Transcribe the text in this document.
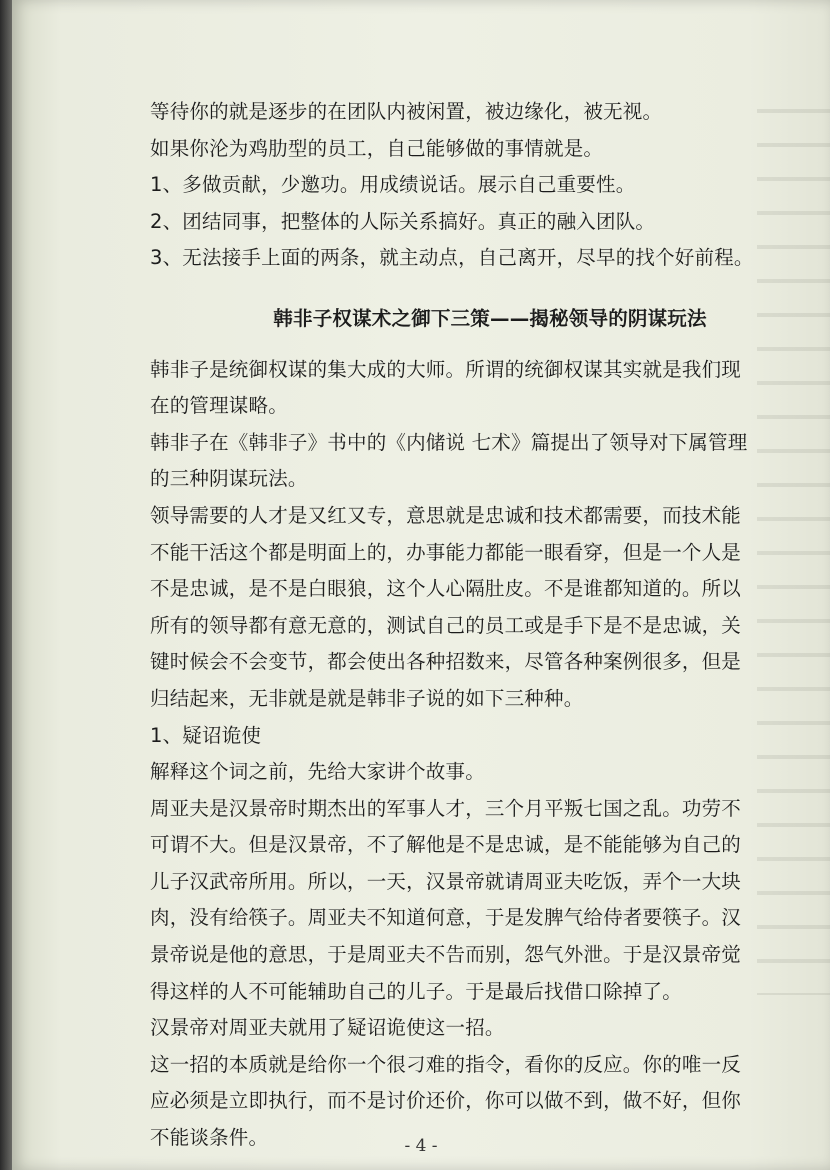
等待你的就是逐步的在团队内被闲置，被边缘化，被无视。
如果你沦为鸡肋型的员工，自己能够做的事情就是。
1、多做贡献，少邀功。用成绩说话。展示自己重要性。
2、团结同事，把整体的人际关系搞好。真正的融入团队。
3、无法接手上面的两条，就主动点，自己离开，尽早的找个好前程。
韩非子权谋术之御下三策——揭秘领导的阴谋玩法
韩非子是统御权谋的集大成的大师。所谓的统御权谋其实就是我们现
在的管理谋略。
韩非子在《韩非子》书中的《内储说 七术》篇提出了领导对下属管理
的三种阴谋玩法。
领导需要的人才是又红又专，意思就是忠诚和技术都需要，而技术能
不能干活这个都是明面上的，办事能力都能一眼看穿，但是一个人是
不是忠诚，是不是白眼狼，这个人心隔肚皮。不是谁都知道的。所以
所有的领导都有意无意的，测试自己的员工或是手下是不是忠诚，关
键时候会不会变节，都会使出各种招数来，尽管各种案例很多，但是
归结起来，无非就是就是韩非子说的如下三种种。
1、疑诏诡使
解释这个词之前，先给大家讲个故事。
周亚夫是汉景帝时期杰出的军事人才，三个月平叛七国之乱。功劳不
可谓不大。但是汉景帝，不了解他是不是忠诚，是不能能够为自己的
儿子汉武帝所用。所以，一天，汉景帝就请周亚夫吃饭，弄个一大块
肉，没有给筷子。周亚夫不知道何意，于是发脾气给侍者要筷子。汉
景帝说是他的意思，于是周亚夫不告而别，怨气外泄。于是汉景帝觉
得这样的人不可能辅助自己的儿子。于是最后找借口除掉了。
汉景帝对周亚夫就用了疑诏诡使这一招。
这一招的本质就是给你一个很刁难的指令，看你的反应。你的唯一反
应必须是立即执行，而不是讨价还价，你可以做不到，做不好，但你
不能谈条件。	- 4 -
